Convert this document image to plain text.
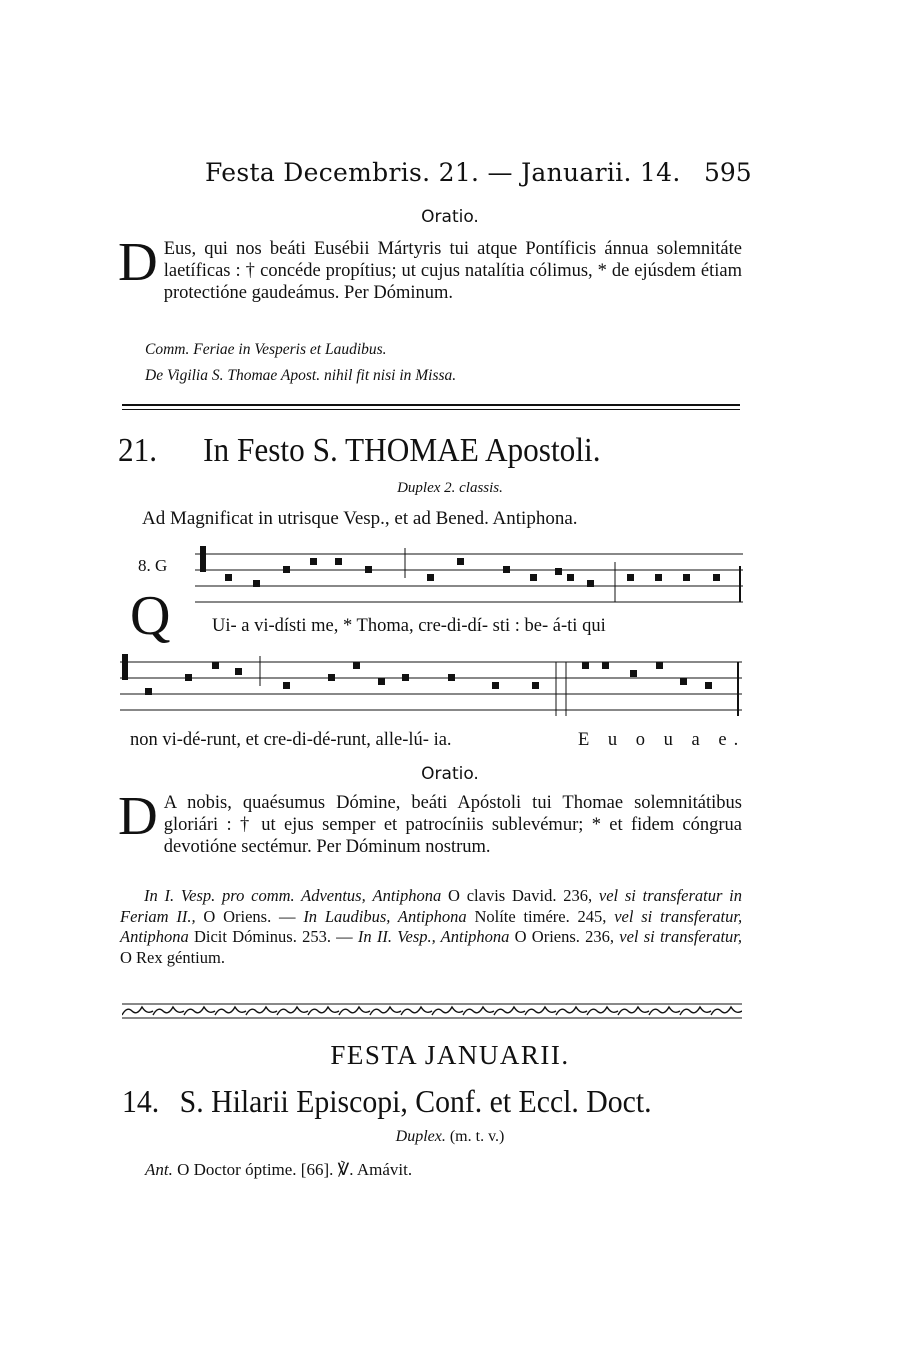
Festa Decembris. 21. — Januarii. 14. 595
Oratio.
D Eus, qui nos beáti Eusébii Mártyris tui atque Pontíficis ánnua solemnitáte laetíficas : † concéde propítius; ut cujus natalítia cólimus, * de ejúsdem étiam protectióne gaudeámus. Per Dóminum.
Comm. Feriae in Vesperis et Laudibus.
De Vigilia S. Thomae Apost. nihil fit nisi in Missa.
21. In Festo S. THOMAE Apostoli.
Duplex 2. classis.
Ad Magnificat in utrisque Vesp., et ad Bened. Antiphona.
8. G
Q Ui- a vi-dísti me, * Thoma, cre-di-dí- sti : be- á-ti qui
non vi-dé-runt, et cre-di-dé-runt, alle-lú- ia.	E u o u a e.
Oratio.
D A nobis, quaésumus Dómine, beáti Apóstoli tui Thomae solemnitátibus gloriári : † ut ejus semper et patrocíniis sublevémur; * et fidem cóngrua devotióne sectémur. Per Dóminum nostrum.
In I. Vesp. pro comm. Adventus, Antiphona O clavis David. 236, vel si transferatur in Feriam II., O Oriens. — In Laudibus, Antiphona Nolíte timére. 245, vel si transferatur, Antiphona Dicit Dóminus. 253. — In II. Vesp., Antiphona O Oriens. 236, vel si transferatur, O Rex géntium.
FESTA JANUARII.
14. S. Hilarii Episcopi, Conf. et Eccl. Doct.
Duplex. (m. t. v.)
Ant. O Doctor óptime. [66]. ℣. Amávit.
